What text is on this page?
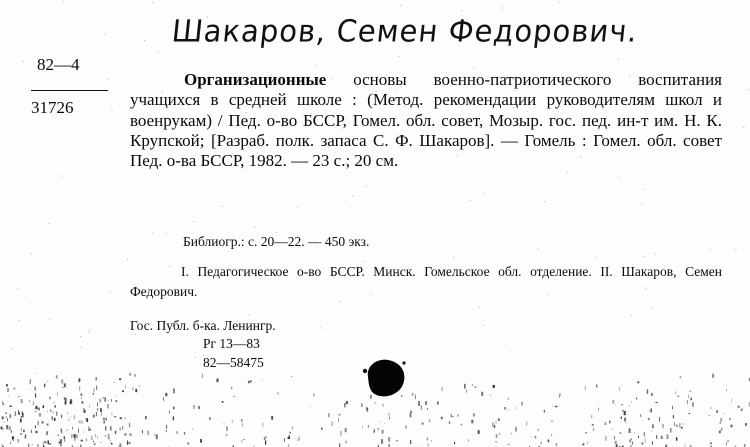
Шакаров, Семен Федорович.
82—4
31726
Организационные основы военно-патриотического воспитания учащихся в средней школе : (Метод. рекомендации руководителям школ и военрукам) / Пед. о-во БССР, Гомел. обл. совет, Мозыр. гос. пед. ин-т им. Н. К. Крупской; [Разраб. полк. запаса С. Ф. Шакаров]. — Гомель : Гомел. обл. совет Пед. о-ва БССР, 1982. — 23 с.; 20 см.
Библиогр.: с. 20—22. — 450 экз.
I. Педагогическое о-во БССР. Минск. Гомельское обл. отделение. II. Шакаров, Семен Федорович.
Гос. Публ. б-ка. Ленингр.
Рг 13—83
82—58475
